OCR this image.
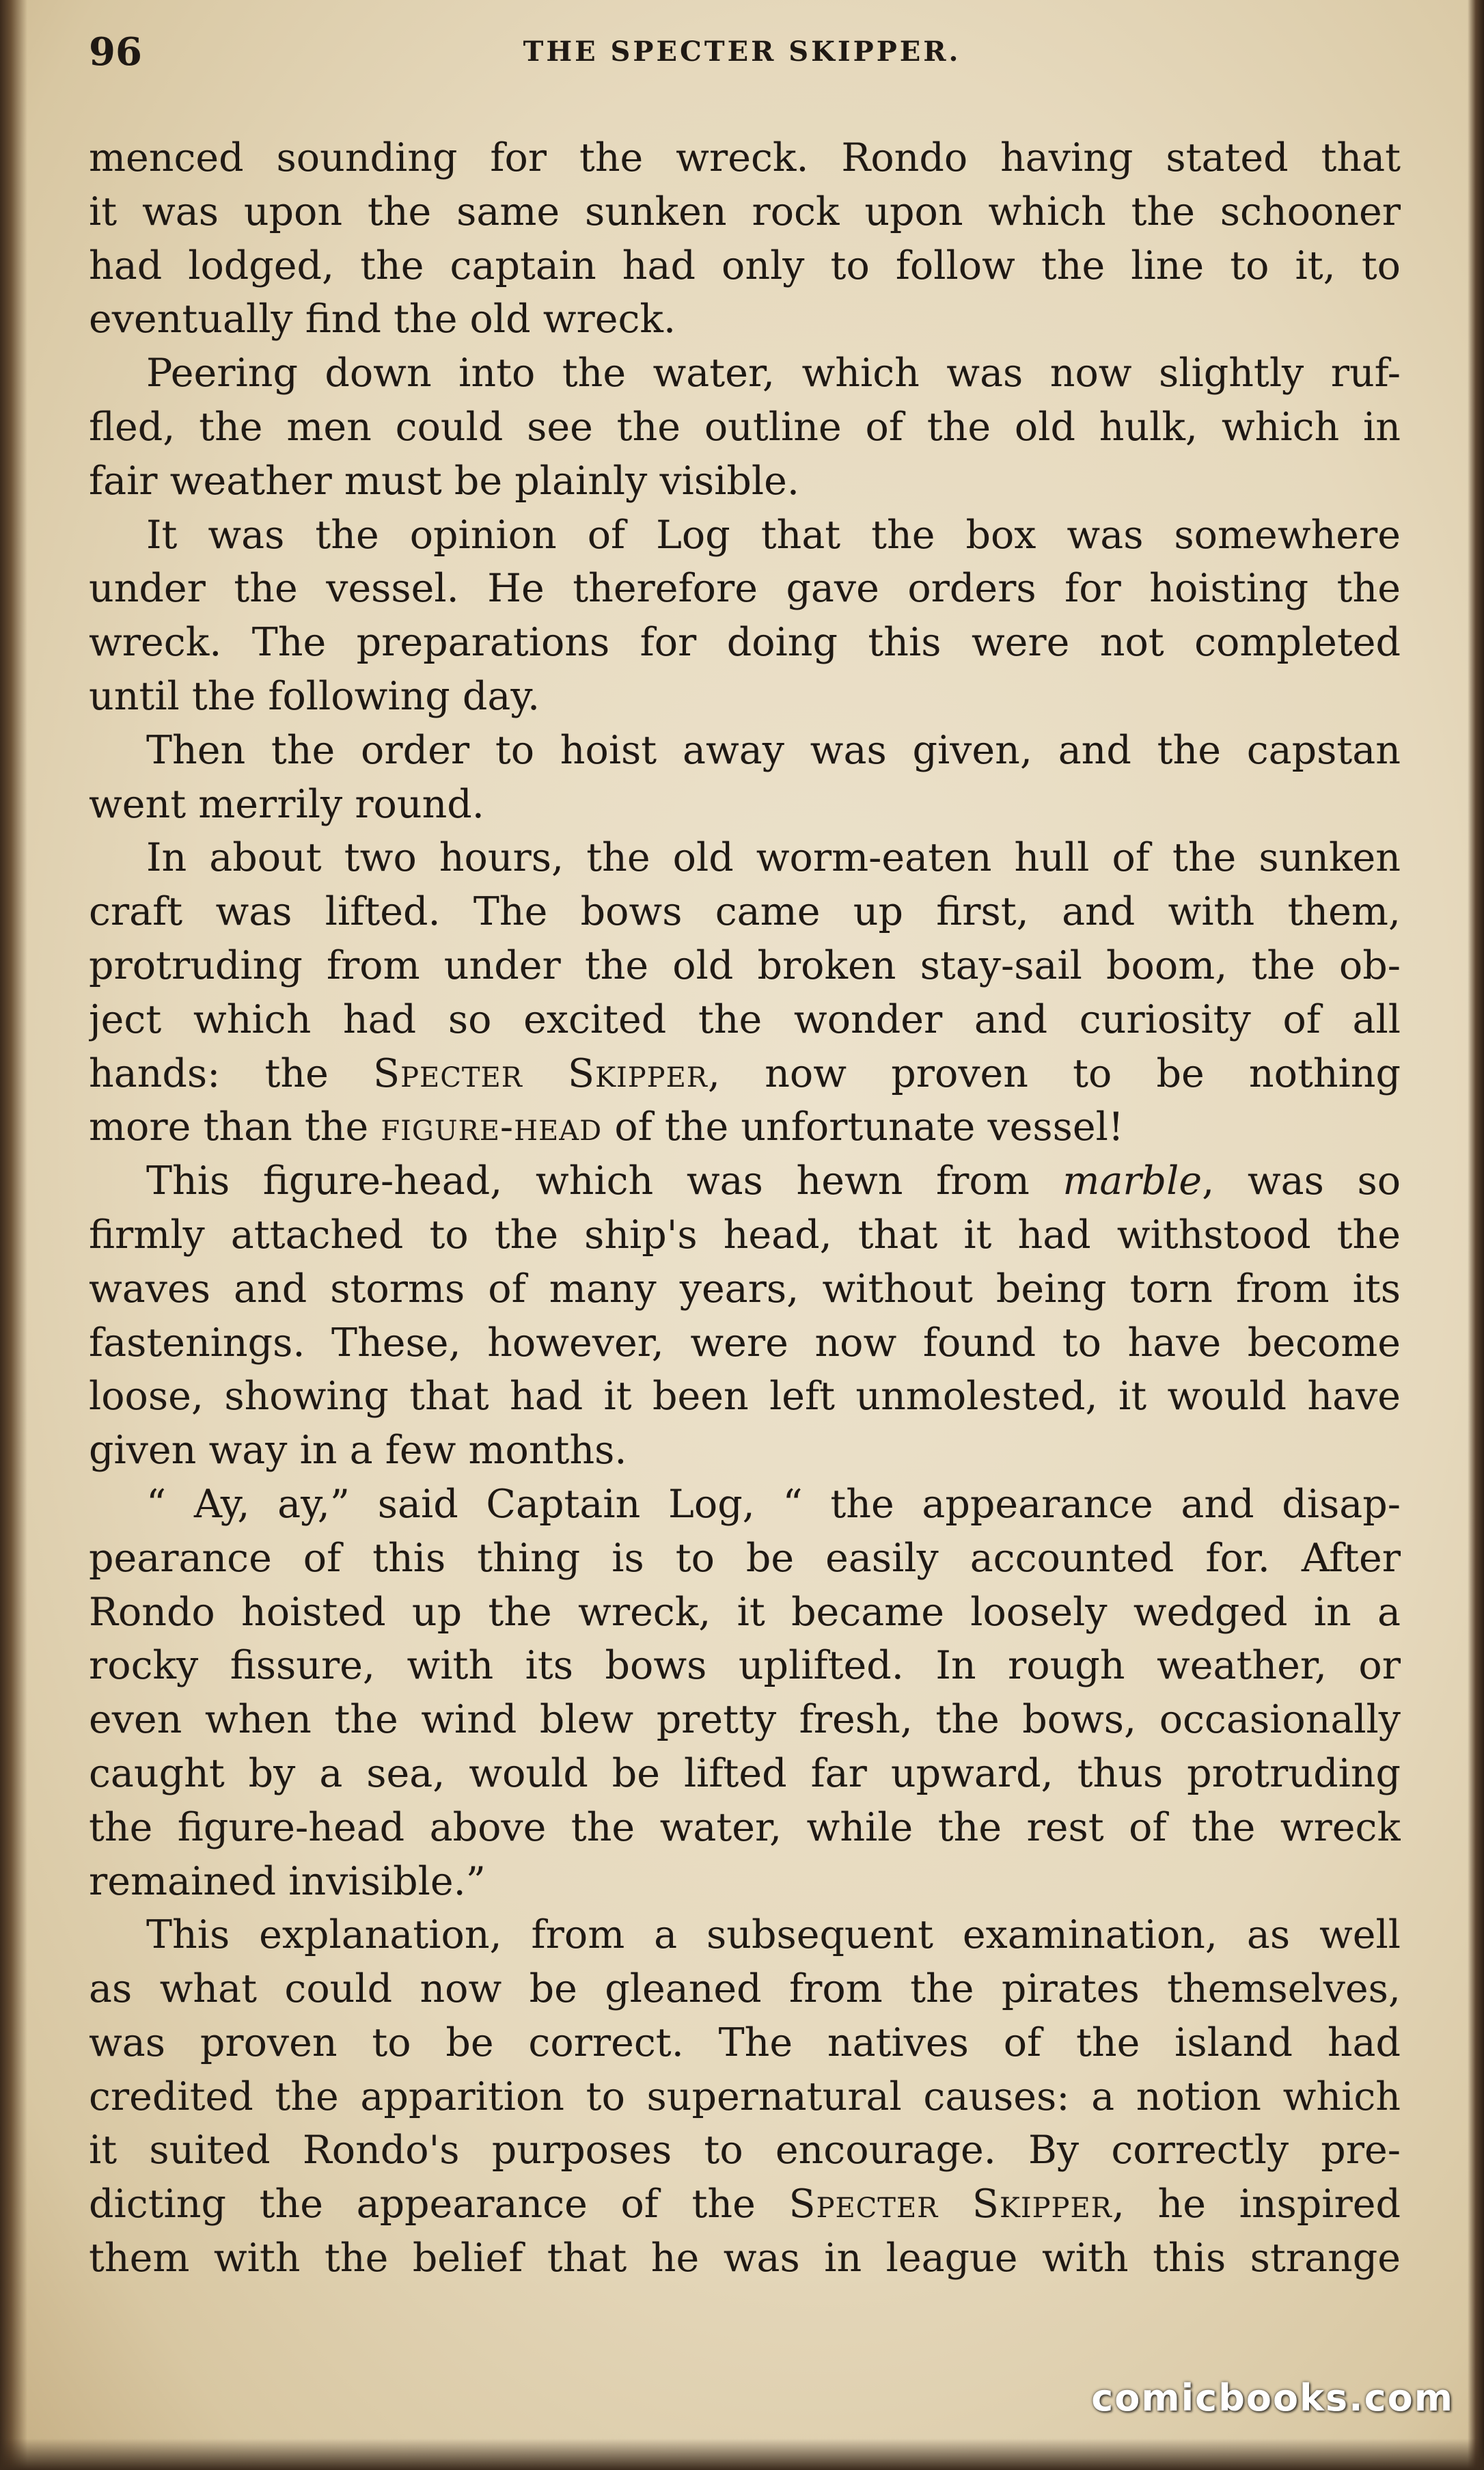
96	THE SPECTER SKIPPER.
menced sounding for the wreck. Rondo having stated that
it was upon the same sunken rock upon which the schooner
had lodged, the captain had only to follow the line to it, to
eventually find the old wreck.
Peering down into the water, which was now slightly ruf-
fled, the men could see the outline of the old hulk, which in
fair weather must be plainly visible.
It was the opinion of Log that the box was somewhere
under the vessel. He therefore gave orders for hoisting the
wreck. The preparations for doing this were not completed
until the following day.
Then the order to hoist away was given, and the capstan
went merrily round.
In about two hours, the old worm-eaten hull of the sunken
craft was lifted. The bows came up first, and with them,
protruding from under the old broken stay-sail boom, the ob-
ject which had so excited the wonder and curiosity of all
hands: the Specter Skipper, now proven to be nothing
more than the figure-head of the unfortunate vessel!
This figure-head, which was hewn from marble, was so
firmly attached to the ship's head, that it had withstood the
waves and storms of many years, without being torn from its
fastenings. These, however, were now found to have become
loose, showing that had it been left unmolested, it would have
given way in a few months.
“ Ay, ay,” said Captain Log, “ the appearance and disap-
pearance of this thing is to be easily accounted for. After
Rondo hoisted up the wreck, it became loosely wedged in a
rocky fissure, with its bows uplifted. In rough weather, or
even when the wind blew pretty fresh, the bows, occasionally
caught by a sea, would be lifted far upward, thus protruding
the figure-head above the water, while the rest of the wreck
remained invisible.”
This explanation, from a subsequent examination, as well
as what could now be gleaned from the pirates themselves,
was proven to be correct. The natives of the island had
credited the apparition to supernatural causes: a notion which
it suited Rondo's purposes to encourage. By correctly pre-
dicting the appearance of the Specter Skipper, he inspired
them with the belief that he was in league with this strange
comicbooks.com
